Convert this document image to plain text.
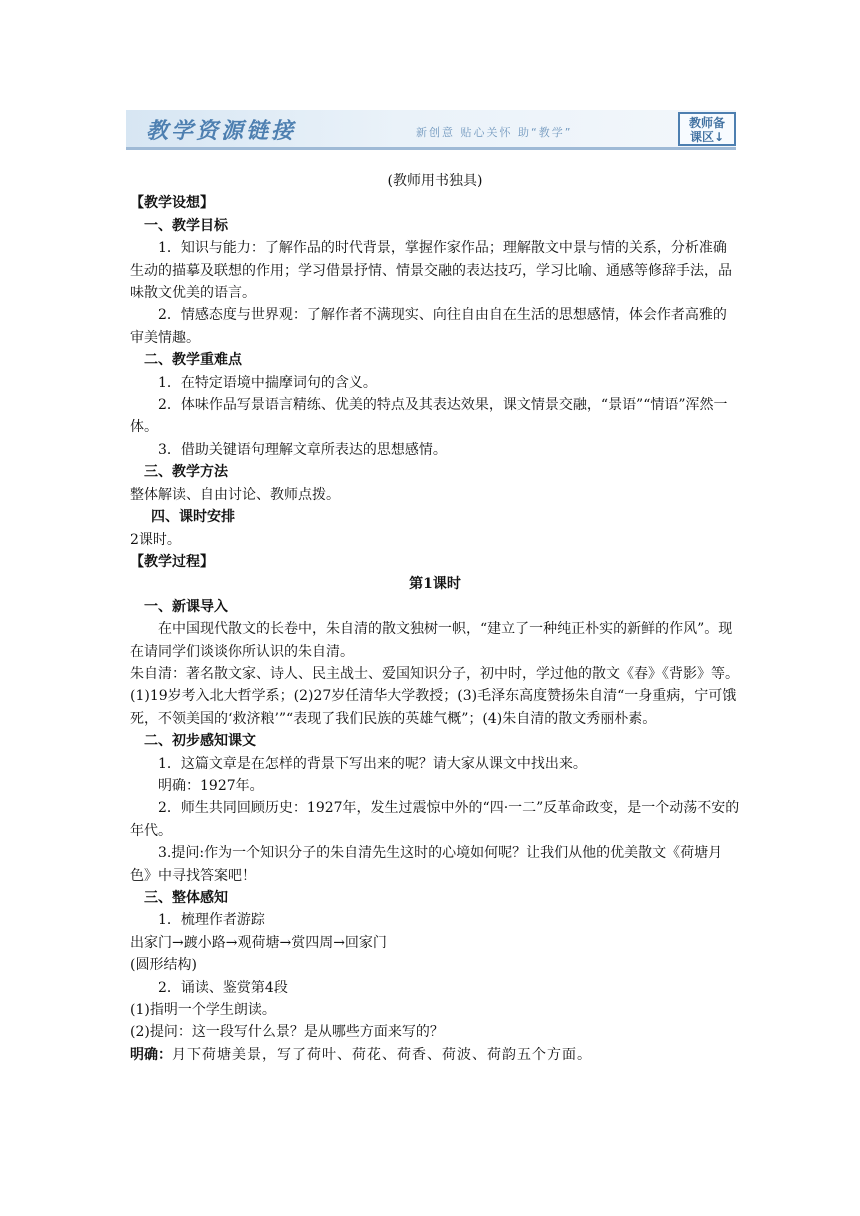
教学资源链接	新创意 贴心关怀 助“教学”
教师备
课区↓

(教师用书独具)

【教学设想】

一、教学目标

1．知识与能力：了解作品的时代背景，掌握作家作品；理解散文中景与情的关系，分析准确生动的描摹及联想的作用；学习借景抒情、情景交融的表达技巧，学习比喻、通感等修辞手法，品味散文优美的语言。

2．情感态度与世界观：了解作者不满现实、向往自由自在生活的思想感情，体会作者高雅的审美情趣。

二、教学重难点

1．在特定语境中揣摩词句的含义。

2．体味作品写景语言精练、优美的特点及其表达效果，课文情景交融，“景语”“情语”浑然一体。

3．借助关键语句理解文章所表达的思想感情。

三、教学方法

整体解读、自由讨论、教师点拨。

四、课时安排

2课时。

【教学过程】

第1课时

一、新课导入

在中国现代散文的长卷中，朱自清的散文独树一帜，“建立了一种纯正朴实的新鲜的作风”。现在请同学们谈谈你所认识的朱自清。

朱自清：著名散文家、诗人、民主战士、爱国知识分子，初中时，学过他的散文《春》《背影》等。(1)19岁考入北大哲学系；(2)27岁任清华大学教授；(3)毛泽东高度赞扬朱自清“一身重病，宁可饿死，不领美国的‘救济粮’”“表现了我们民族的英雄气概”；(4)朱自清的散文秀丽朴素。

二、初步感知课文

1．这篇文章是在怎样的背景下写出来的呢？请大家从课文中找出来。

明确：1927年。

2．师生共同回顾历史：1927年，发生过震惊中外的“四·一二”反革命政变，是一个动荡不安的年代。

3.提问:作为一个知识分子的朱自清先生这时的心境如何呢？让我们从他的优美散文《荷塘月色》中寻找答案吧！

三、整体感知

1．梳理作者游踪

出家门→踱小路→观荷塘→赏四周→回家门

(圆形结构)

2．诵读、鉴赏第4段

(1)指明一个学生朗读。

(2)提问：这一段写什么景？是从哪些方面来写的？

明确：月下荷塘美景，写了荷叶、荷花、荷香、荷波、荷韵五个方面。
